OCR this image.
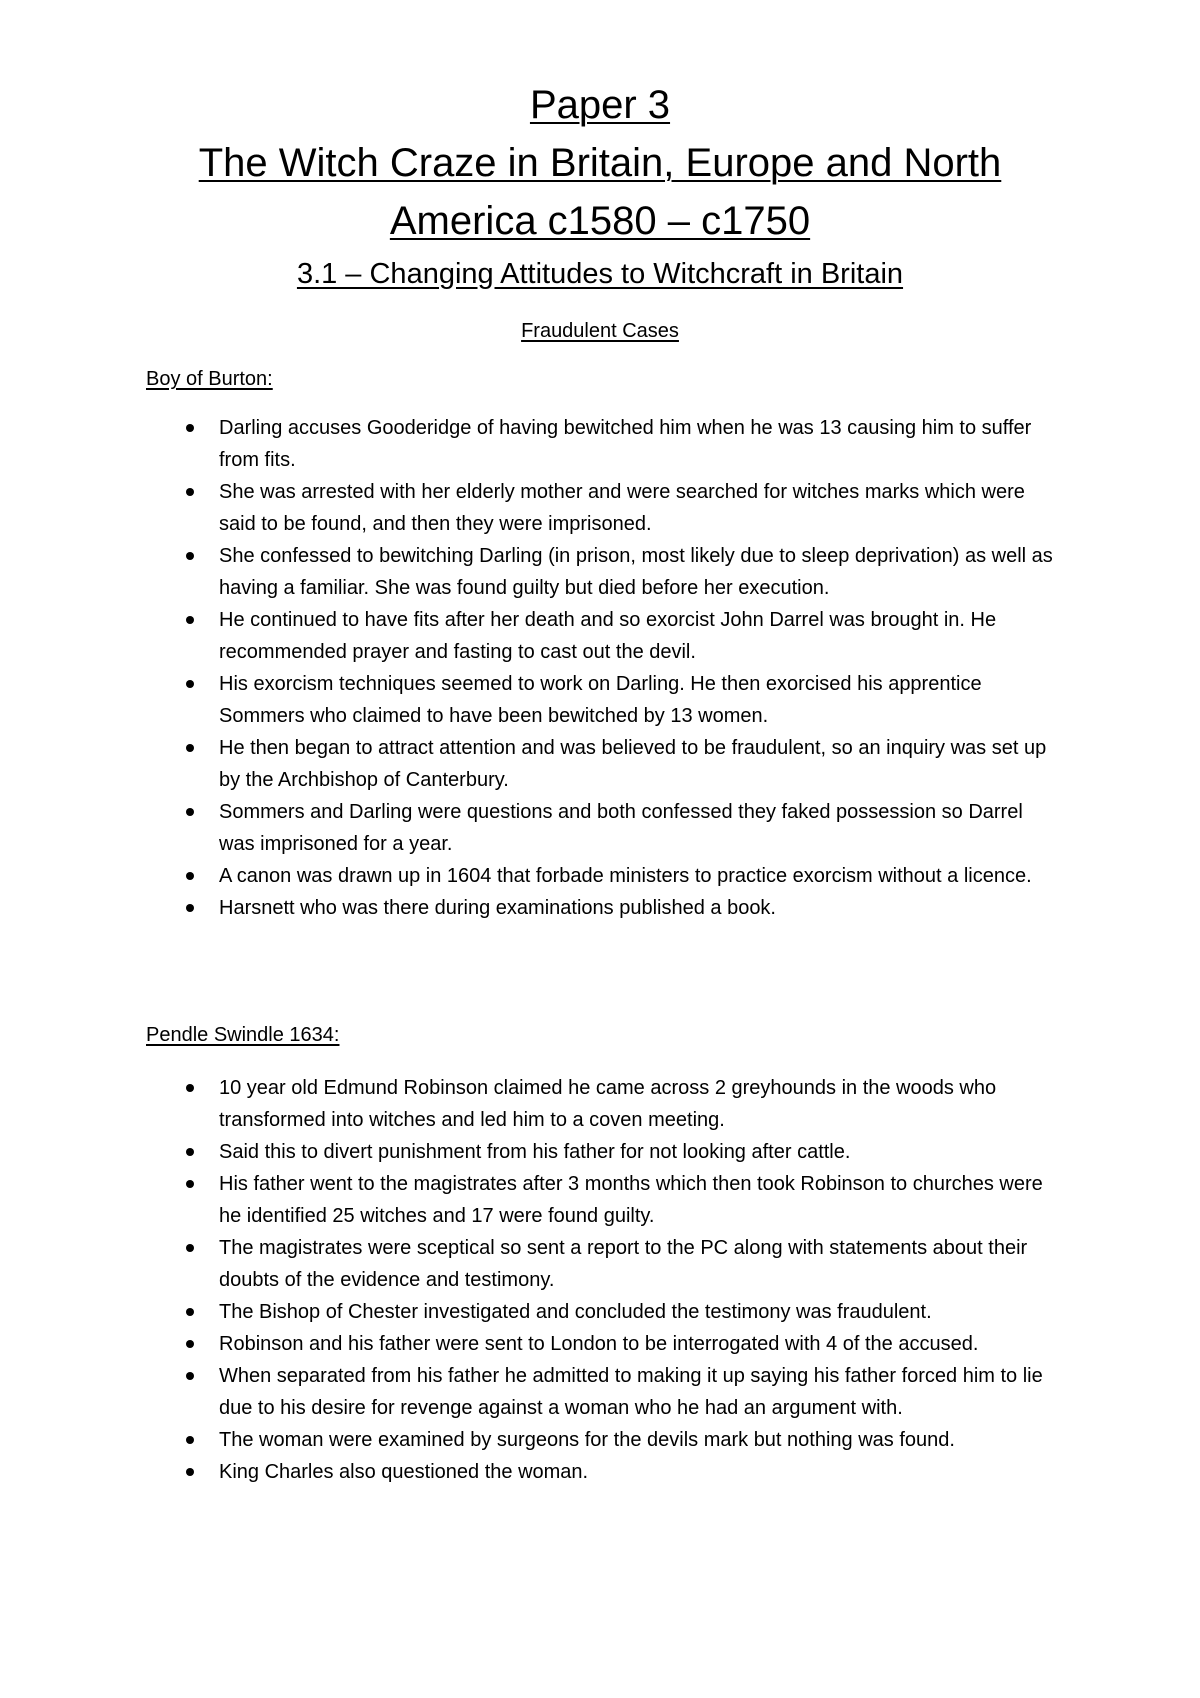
Paper 3
The Witch Craze in Britain, Europe and North
America c1580 – c1750
3.1 – Changing Attitudes to Witchcraft in Britain
Fraudulent Cases
Boy of Burton:
Darling accuses Gooderidge of having bewitched him when he was 13 causing him to suffer from fits.
She was arrested with her elderly mother and were searched for witches marks which were said to be found, and then they were imprisoned.
She confessed to bewitching Darling (in prison, most likely due to sleep deprivation) as well as having a familiar. She was found guilty but died before her execution.
He continued to have fits after her death and so exorcist John Darrel was brought in. He recommended prayer and fasting to cast out the devil.
His exorcism techniques seemed to work on Darling. He then exorcised his apprentice Sommers who claimed to have been bewitched by 13 women.
He then began to attract attention and was believed to be fraudulent, so an inquiry was set up by the Archbishop of Canterbury.
Sommers and Darling were questions and both confessed they faked possession so Darrel was imprisoned for a year.
A canon was drawn up in 1604 that forbade ministers to practice exorcism without a licence.
Harsnett who was there during examinations published a book.
Pendle Swindle 1634:
10 year old Edmund Robinson claimed he came across 2 greyhounds in the woods who transformed into witches and led him to a coven meeting.
Said this to divert punishment from his father for not looking after cattle.
His father went to the magistrates after 3 months which then took Robinson to churches were he identified 25 witches and 17 were found guilty.
The magistrates were sceptical so sent a report to the PC along with statements about their doubts of the evidence and testimony.
The Bishop of Chester investigated and concluded the testimony was fraudulent.
Robinson and his father were sent to London to be interrogated with 4 of the accused.
When separated from his father he admitted to making it up saying his father forced him to lie due to his desire for revenge against a woman who he had an argument with.
The woman were examined by surgeons for the devils mark but nothing was found.
King Charles also questioned the woman.
